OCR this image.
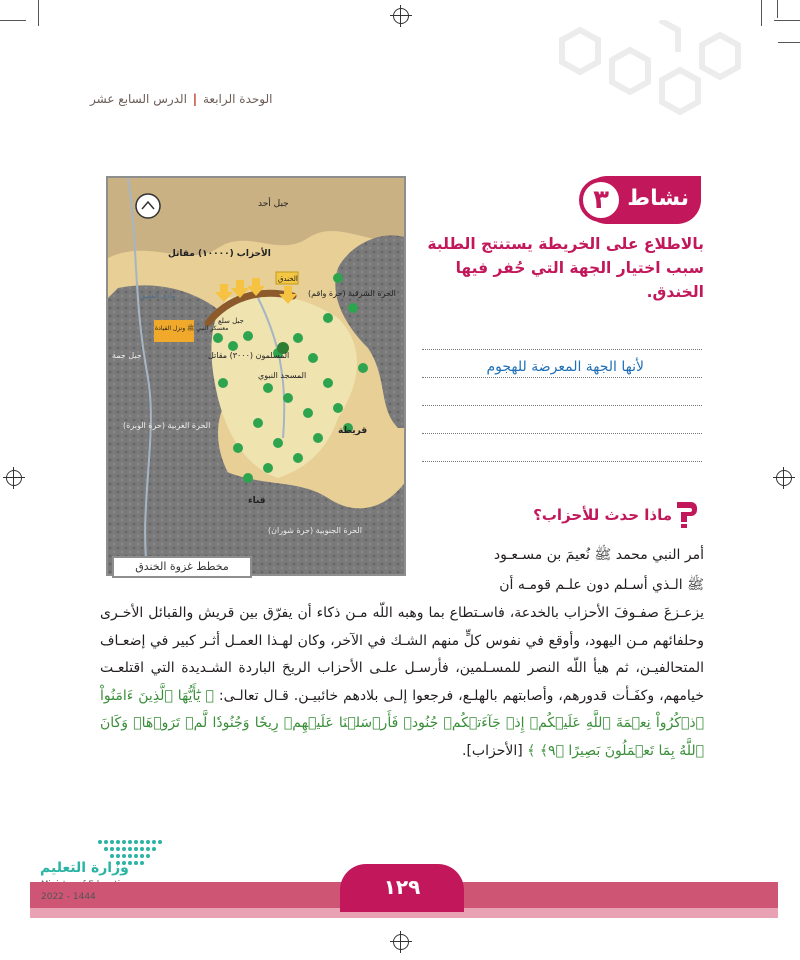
الوحدة الرابعة | الدرس السابع عشر
جبل أحد
الأحزاب (١٠٠٠٠) مقاتل
الخندق
الحرة الشرقية (حرة واقم)
معسكر النبي ﷺ ونزل القيادة
جبل سلع
المسلمون (٣٠٠٠) مقاتل
المسجد النبوي
الحرة الغربية (حرة الوبرة)
قريظة
قباء
الحرة الجنوبية (حرة شوران)
جبل جمة
وادي العقيق
مخطط غزوة الخندق
نشاط
٣
بالاطلاع على الخريطة يستنتج الطلبة سبب اختيار الجهة التي حُفر فيها الخندق.
لأنها الجهة المعرضة للهجوم
ماذا حدث للأحزاب؟
أمر النبي محمد ﷺ نُعيمَ بن مسـعـود
ﷺ الـذي أسـلم دون علـم قومـه أن
يزعـزعَ صفـوفَ الأحزاب بالخدعة، فاسـتطاع بما وهبه اللّه مـن ذكاء أن يفرّق بين قريش والقبائل الأخـرى وحلفائهم مـن اليهود، وأوقع في نفوس كلٍّ منهم الشـك في الآخر، وكان لهـذا العمـل أثـر كبير في إضعـاف المتحالفيـن، ثم هيأ اللّه النصر للمسـلمين، فأرسـل علـى الأحزاب الريحَ الباردة الشـديدة التي اقتلعـت خيامهم، وكفَـأت قدورهم، وأصابتهم بالهلـع، فرجعوا إلـى بلادهم خائبيـن. قـال تعالـى: ﴿ يَٰٓأَيُّهَا ٱلَّذِينَ ءَامَنُواْ ٱذۡكُرُواْ نِعۡمَةَ ٱللَّهِ عَلَيۡكُمۡ إِذۡ جَآءَتۡكُمۡ جُنُودٞ فَأَرۡسَلۡنَا عَلَيۡهِمۡ رِيحٗا وَجُنُودٗا لَّمۡ تَرَوۡهَاۚ وَكَانَ ٱللَّهُ بِمَا تَعۡمَلُونَ بَصِيرًا ﴿٩﴾ ﴾ [الأحزاب].
وزارة التعليم
2022 - 1444	١٢٩
